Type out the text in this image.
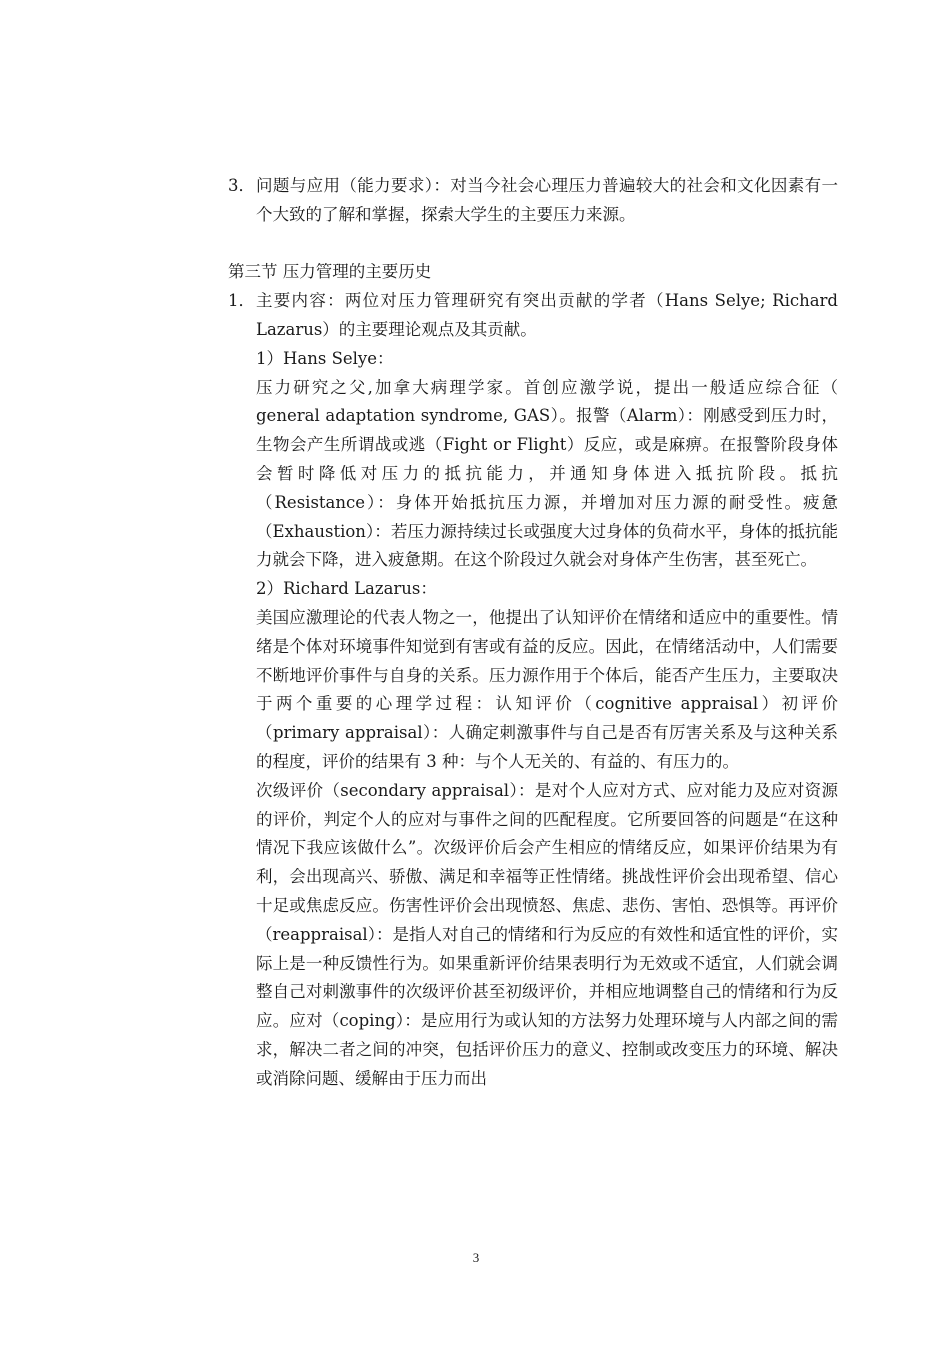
3． 问题与应用（能力要求）：对当今社会心理压力普遍较大的社会和文化因素有一个大致的了解和掌握，探索大学生的主要压力来源。
第三节 压力管理的主要历史
1． 主要内容：两位对压力管理研究有突出贡献的学者（Hans Selye; Richard Lazarus）的主要理论观点及其贡献。
1）Hans Selye：
压力研究之父,加拿大病理学家。首创应激学说，提出一般适应综合征（ general adaptation syndrome, GAS）。报警（Alarm）：刚感受到压力时，生物会产生所谓战或逃（Fight or Flight）反应，或是麻痹。在报警阶段身体会暂时降低对压力的抵抗能力，并通知身体进入抵抗阶段。抵抗（Resistance）：身体开始抵抗压力源，并增加对压力源的耐受性。疲惫（Exhaustion）：若压力源持续过长或强度大过身体的负荷水平，身体的抵抗能力就会下降，进入疲惫期。在这个阶段过久就会对身体产生伤害，甚至死亡。
2）Richard Lazarus：
美国应激理论的代表人物之一，他提出了认知评价在情绪和适应中的重要性。情绪是个体对环境事件知觉到有害或有益的反应。因此，在情绪活动中，人们需要不断地评价事件与自身的关系。压力源作用于个体后，能否产生压力，主要取决于两个重要的心理学过程：认知评价（cognitive appraisal）初评价（primary appraisal）：人确定刺激事件与自己是否有厉害关系及与这种关系的程度，评价的结果有 3 种：与个人无关的、有益的、有压力的。
次级评价（secondary appraisal）：是对个人应对方式、应对能力及应对资源的评价，判定个人的应对与事件之间的匹配程度。它所要回答的问题是“在这种情况下我应该做什么”。次级评价后会产生相应的情绪反应，如果评价结果为有利，会出现高兴、骄傲、满足和幸福等正性情绪。挑战性评价会出现希望、信心十足或焦虑反应。伤害性评价会出现愤怒、焦虑、悲伤、害怕、恐惧等。再评价（reappraisal）：是指人对自己的情绪和行为反应的有效性和适宜性的评价，实际上是一种反馈性行为。如果重新评价结果表明行为无效或不适宜，人们就会调整自己对刺激事件的次级评价甚至初级评价，并相应地调整自己的情绪和行为反应。应对（coping）：是应用行为或认知的方法努力处理环境与人内部之间的需求，解决二者之间的冲突，包括评价压力的意义、控制或改变压力的环境、解决或消除问题、缓解由于压力而出
3
